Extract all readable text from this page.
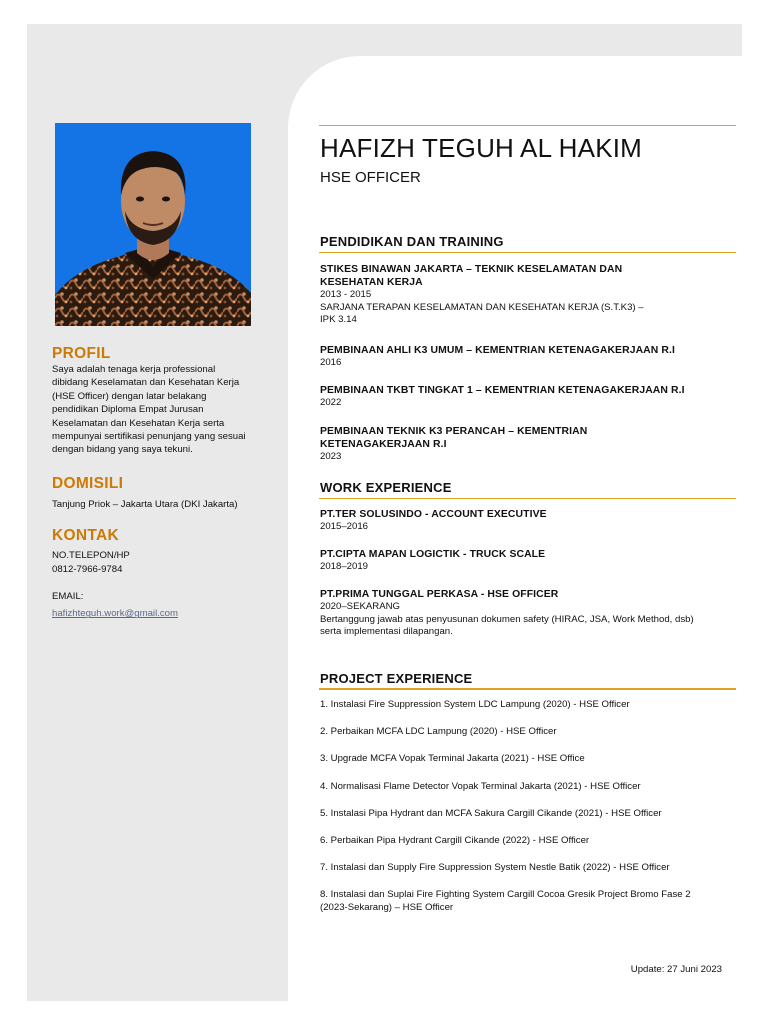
PROFIL
Saya adalah tenaga kerja professional
dibidang Keselamatan dan Kesehatan Kerja
(HSE Officer) dengan latar belakang
pendidikan Diploma Empat Jurusan
Keselamatan dan Kesehatan Kerja serta
mempunyai sertifikasi penunjang yang sesuai
dengan bidang yang saya tekuni.
DOMISILI
Tanjung Priok – Jakarta Utara (DKI Jakarta)
KONTAK
NO.TELEPON/HP
0812-7966-9784
EMAIL:
hafizhteguh.work@gmail.com
HAFIZH TEGUH AL HAKIM
HSE OFFICER
PENDIDIKAN DAN TRAINING
STIKES BINAWAN JAKARTA – TEKNIK KESELAMATAN DAN
KESEHATAN KERJA
2013 - 2015
SARJANA TERAPAN KESELAMATAN DAN KESEHATAN KERJA (S.T.K3) –
IPK 3.14
PEMBINAAN AHLI K3 UMUM – KEMENTRIAN KETENAGAKERJAAN R.I
2016
PEMBINAAN TKBT TINGKAT 1 – KEMENTRIAN KETENAGAKERJAAN R.I
2022
PEMBINAAN TEKNIK K3 PERANCAH – KEMENTRIAN
KETENAGAKERJAAN R.I
2023
WORK EXPERIENCE
PT.TER SOLUSINDO - ACCOUNT EXECUTIVE
2015–2016
PT.CIPTA MAPAN LOGICTIK - TRUCK SCALE
2018–2019
PT.PRIMA TUNGGAL PERKASA - HSE OFFICER
2020–SEKARANG
Bertanggung jawab atas penyusunan dokumen safety (HIRAC, JSA, Work Method, dsb)
serta implementasi dilapangan.
PROJECT EXPERIENCE
1. Instalasi Fire Suppression System LDC Lampung (2020) - HSE Officer
2. Perbaikan MCFA LDC Lampung (2020) - HSE Officer
3. Upgrade MCFA Vopak Terminal Jakarta (2021) - HSE Office
4. Normalisasi Flame Detector Vopak Terminal Jakarta (2021) - HSE Officer
5. Instalasi Pipa Hydrant dan MCFA Sakura Cargill Cikande (2021) - HSE Officer
6. Perbaikan Pipa Hydrant Cargill Cikande (2022) - HSE Officer
7. Instalasi dan Supply Fire Suppression System Nestle Batik (2022) - HSE Officer
8. Instalasi dan Suplai Fire Fighting System Cargill Cocoa Gresik Project Bromo Fase 2
(2023-Sekarang) – HSE Officer
Update: 27 Juni 2023
